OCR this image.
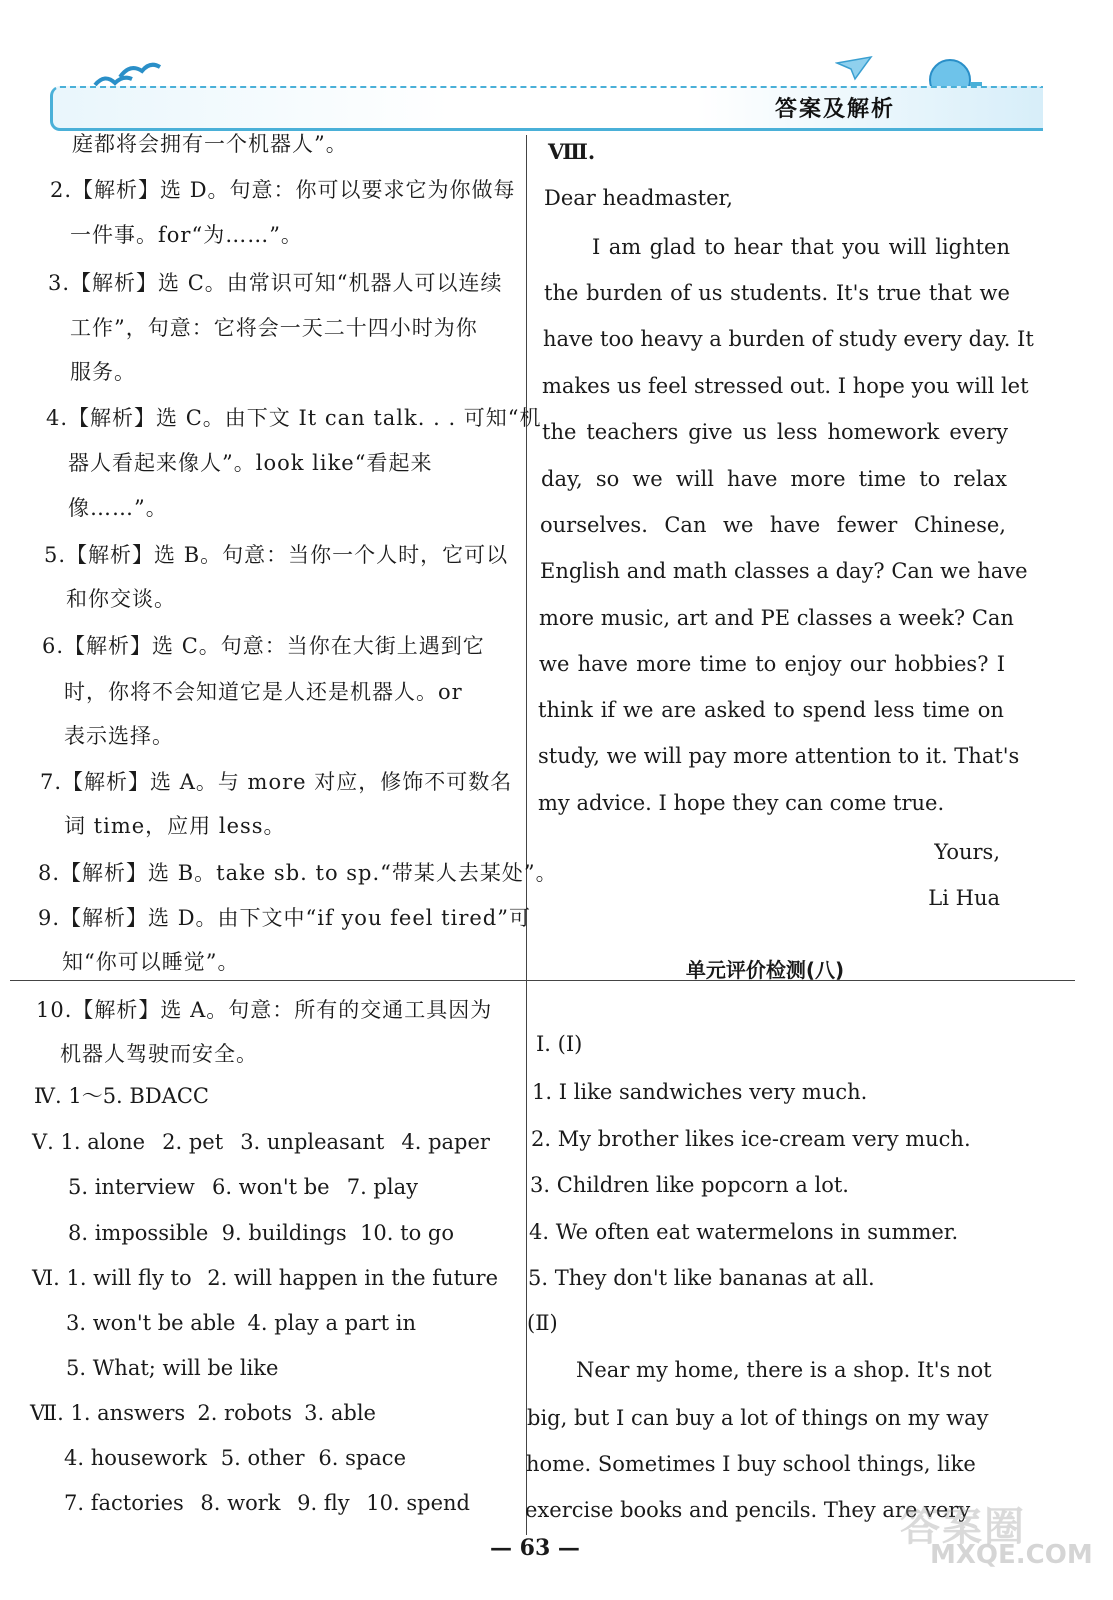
答案及解析
庭都将会拥有一个机器人”。
2.【解析】选 D。句意：你可以要求它为你做每
一件事。for“为……”。
3.【解析】选 C。由常识可知“机器人可以连续
工作”，句意：它将会一天二十四小时为你
服务。
4.【解析】选 C。由下文 It can talk. . . 可知“机
器人看起来像人”。look like“看起来
像……”。
5.【解析】选 B。句意：当你一个人时，它可以
和你交谈。
6.【解析】选 C。句意：当你在大街上遇到它
时，你将不会知道它是人还是机器人。or
表示选择。
7.【解析】选 A。与 more 对应，修饰不可数名
词 time，应用 less。
8.【解析】选 B。take sb. to sp.“带某人去某处”。
9.【解析】选 D。由下文中“if you feel tired”可
知“你可以睡觉”。
10.【解析】选 A。句意：所有的交通工具因为
机器人驾驶而安全。
Ⅳ. 1～5. BDACC
Ⅴ. 1. alone 2. pet 3. unpleasant 4. paper
5. interview 6. won't be 7. play
8. impossible 9. buildings 10. to go
Ⅵ. 1. will fly to 2. will happen in the future
3. won't be able 4. play a part in
5. What; will be like
Ⅶ. 1. answers 2. robots 3. able
4. housework 5. other 6. space
7. factories 8. work 9. fly 10. spend
Ⅷ.
Dear headmaster,
I am glad to hear that you will lighten
the burden of us students. It's true that we
have too heavy a burden of study every day. It
makes us feel stressed out. I hope you will let
the teachers give us less homework every
day, so we will have more time to relax
ourselves. Can we have fewer Chinese,
English and math classes a day? Can we have
more music, art and PE classes a week? Can
we have more time to enjoy our hobbies? I
think if we are asked to spend less time on
study, we will pay more attention to it. That's
my advice. I hope they can come true.
Yours,
Li Hua
单元评价检测(八)
Ⅰ. (Ⅰ)
1. I like sandwiches very much.
2. My brother likes ice-cream very much.
3. Children like popcorn a lot.
4. We often eat watermelons in summer.
5. They don't like bananas at all.
(Ⅱ)
Near my home, there is a shop. It's not
big, but I can buy a lot of things on my way
home. Sometimes I buy school things, like
exercise books and pencils. They are very
— 63 —	答案圈
MXQE.COM
